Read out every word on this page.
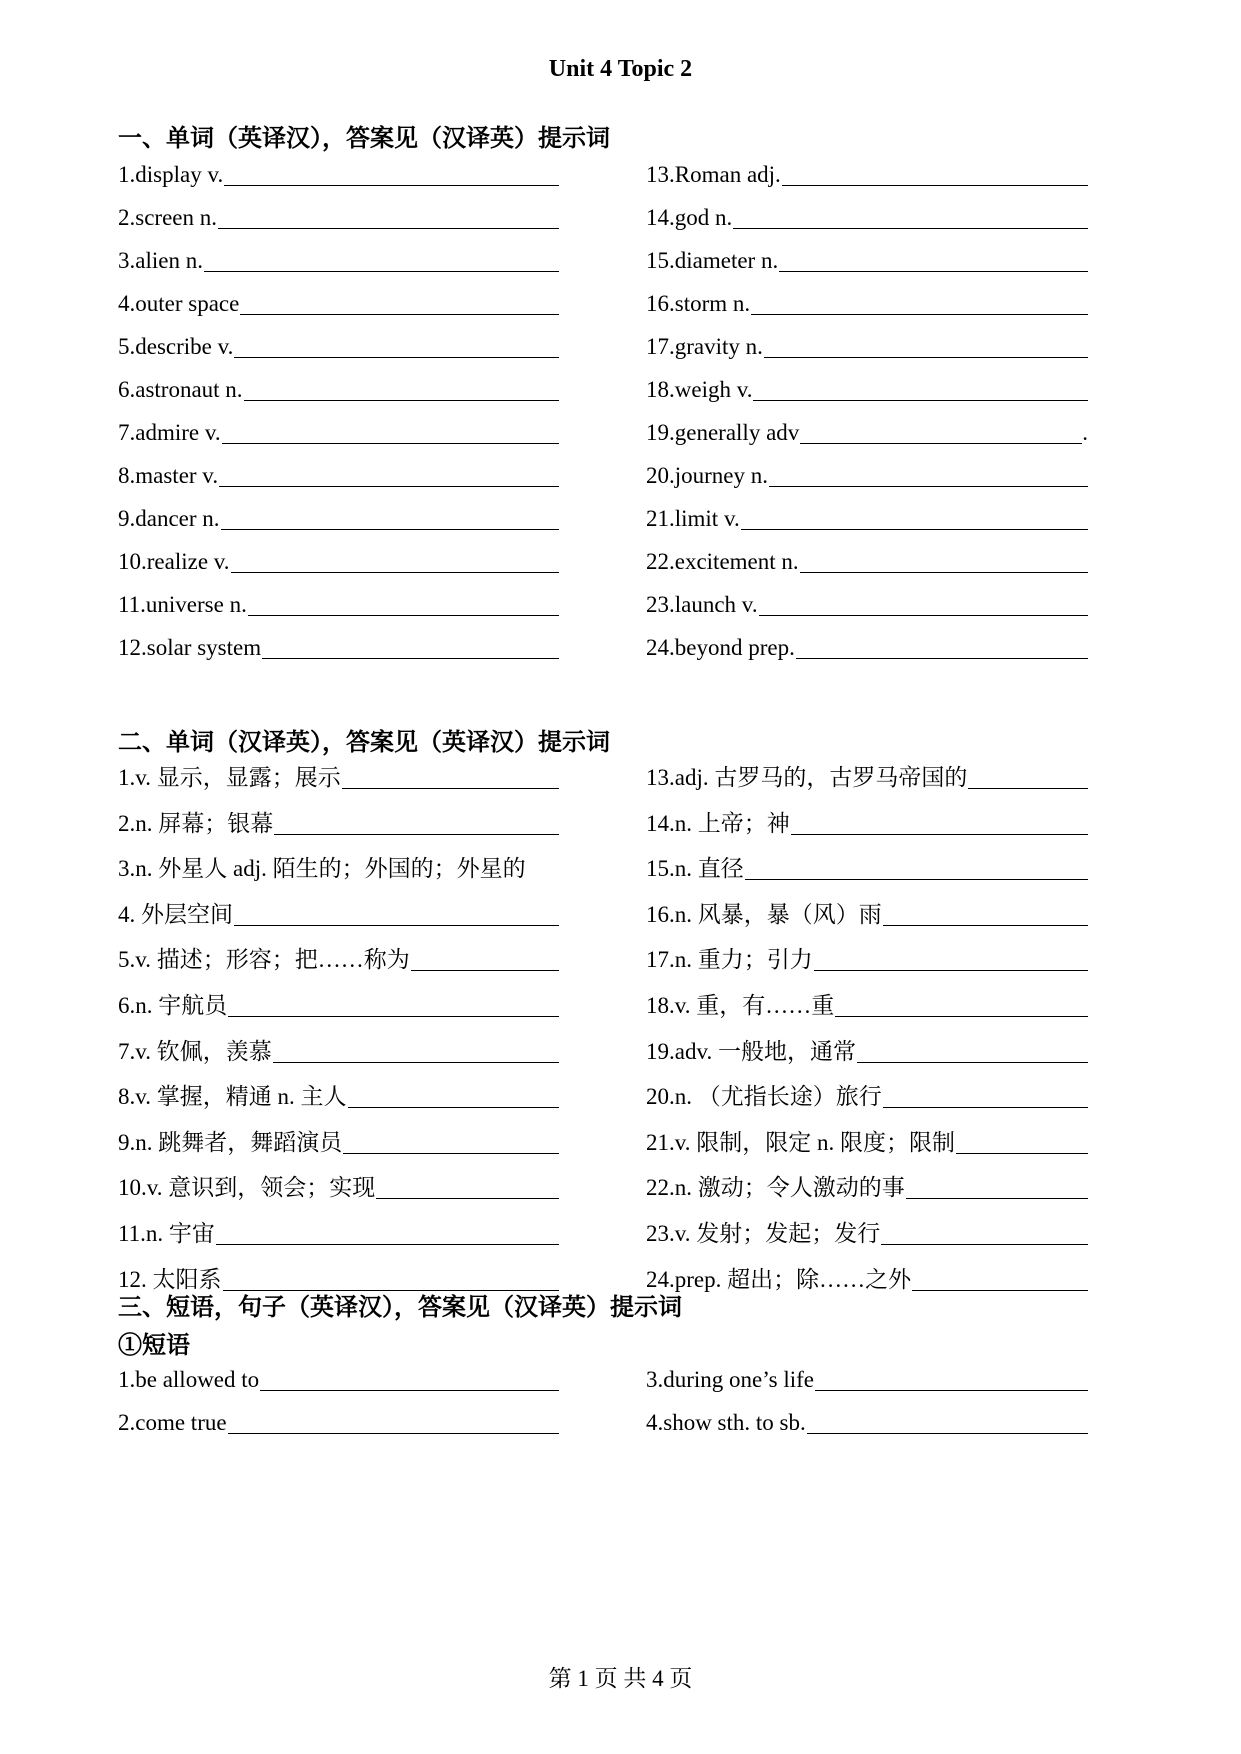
Unit 4 Topic 2
一、单词（英译汉），答案见（汉译英）提示词
1.display v.
2.screen n.
3.alien n.
4.outer space
5.describe v.
6.astronaut n.
7.admire v.
8.master v.
9.dancer n.
10.realize v.
11.universe n.
12.solar system
13.Roman adj.
14.god n.
15.diameter n.
16.storm n.
17.gravity n.
18.weigh v.
19.generally adv	.
20.journey n.
21.limit v.
22.excitement n.
23.launch v.
24.beyond prep.
二、单词（汉译英），答案见（英译汉）提示词
1.v. 显示，显露；展示
2.n. 屏幕；银幕
3.n. 外星人 adj. 陌生的；外国的；外星的
4. 外层空间
5.v. 描述；形容；把……称为
6.n. 宇航员
7.v. 钦佩，羡慕
8.v. 掌握，精通 n. 主人
9.n. 跳舞者，舞蹈演员
10.v. 意识到，领会；实现
11.n. 宇宙
12. 太阳系
13.adj. 古罗马的，古罗马帝国的
14.n. 上帝；神
15.n. 直径
16.n. 风暴，暴（风）雨
17.n. 重力；引力
18.v. 重，有……重
19.adv. 一般地，通常
20.n. （尤指长途）旅行
21.v. 限制，限定 n. 限度；限制
22.n. 激动；令人激动的事
23.v. 发射；发起；发行
24.prep. 超出；除……之外
三、短语，句子（英译汉），答案见（汉译英）提示词
①短语
1.be allowed to
2.come true
3.during one’s life
4.show sth. to sb.
第 1 页 共 4 页
